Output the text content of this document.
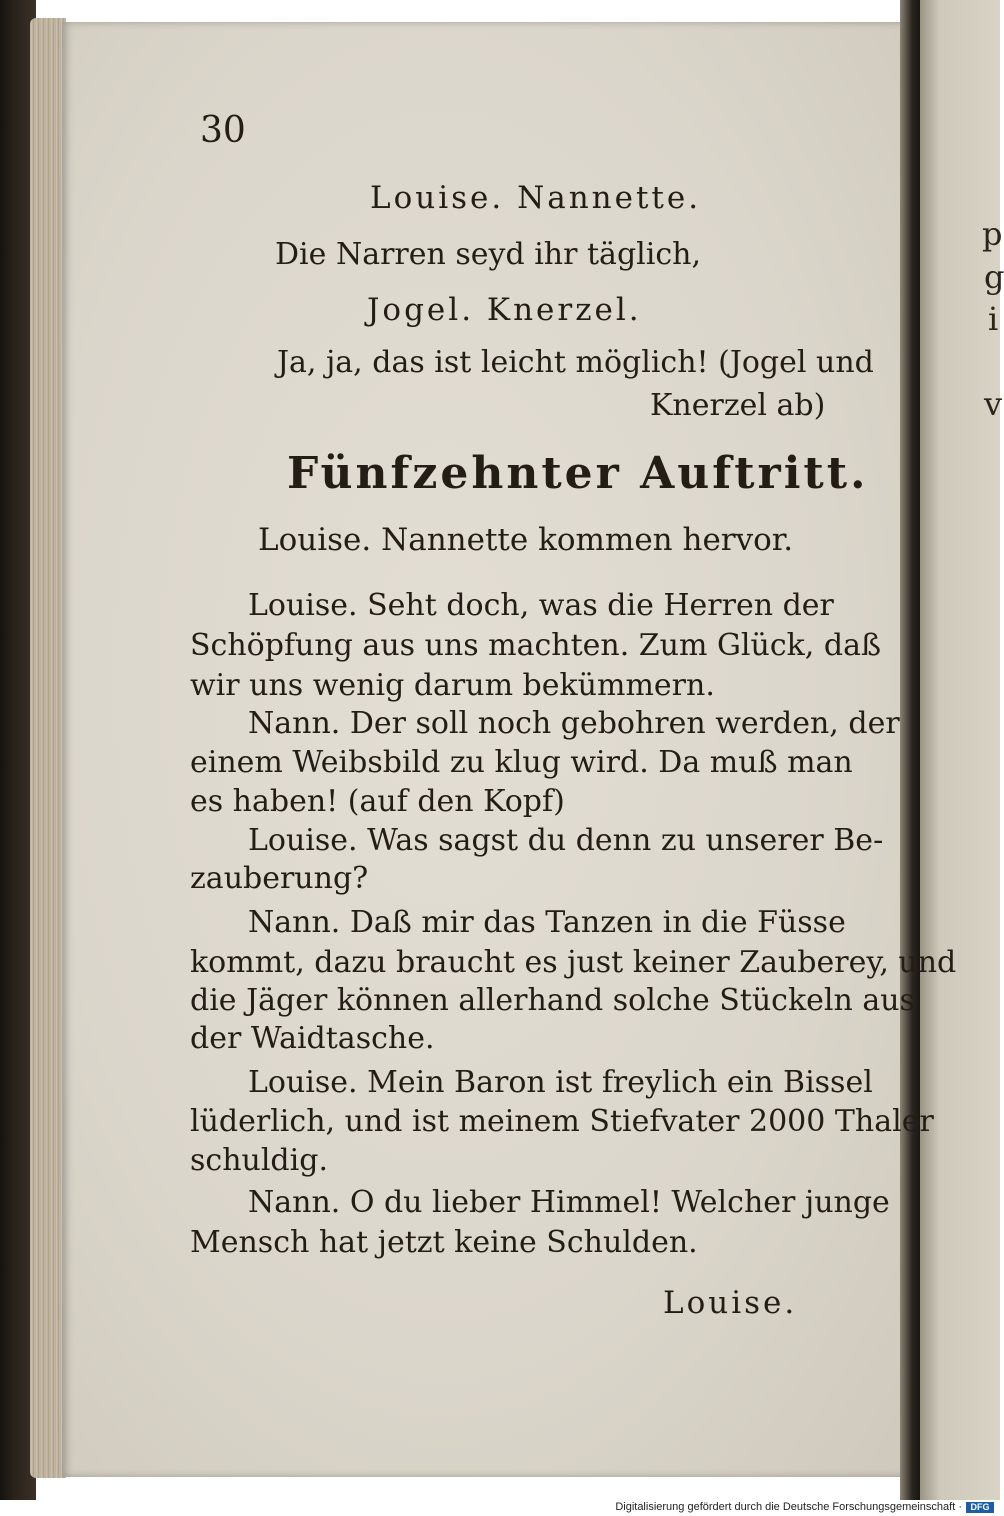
p
g
i
v
30
Louise. Nannette.
Die Narren seyd ihr täglich,
Jogel. Knerzel.
Ja, ja, das ist leicht möglich! (Jogel und
Knerzel ab)
Fünfzehnter Auftritt.
Louise. Nannette kommen hervor.
Louise. Seht doch, was die Herren der
Schöpfung aus uns machten. Zum Glück, daß
wir uns wenig darum bekümmern.
Nann. Der soll noch gebohren werden, der
einem Weibsbild zu klug wird. Da muß man
es haben! (auf den Kopf)
Louise. Was sagst du denn zu unserer Be-
zauberung?
Nann. Daß mir das Tanzen in die Füsse
kommt, dazu braucht es just keiner Zauberey, und
die Jäger können allerhand solche Stückeln aus
der Waidtasche.
Louise. Mein Baron ist freylich ein Bissel
lüderlich, und ist meinem Stiefvater 2000 Thaler
schuldig.
Nann. O du lieber Himmel! Welcher junge
Mensch hat jetzt keine Schulden.
Louise.
Digitalisierung gefördert durch die Deutsche Forschungsgemeinschaft · DFG
